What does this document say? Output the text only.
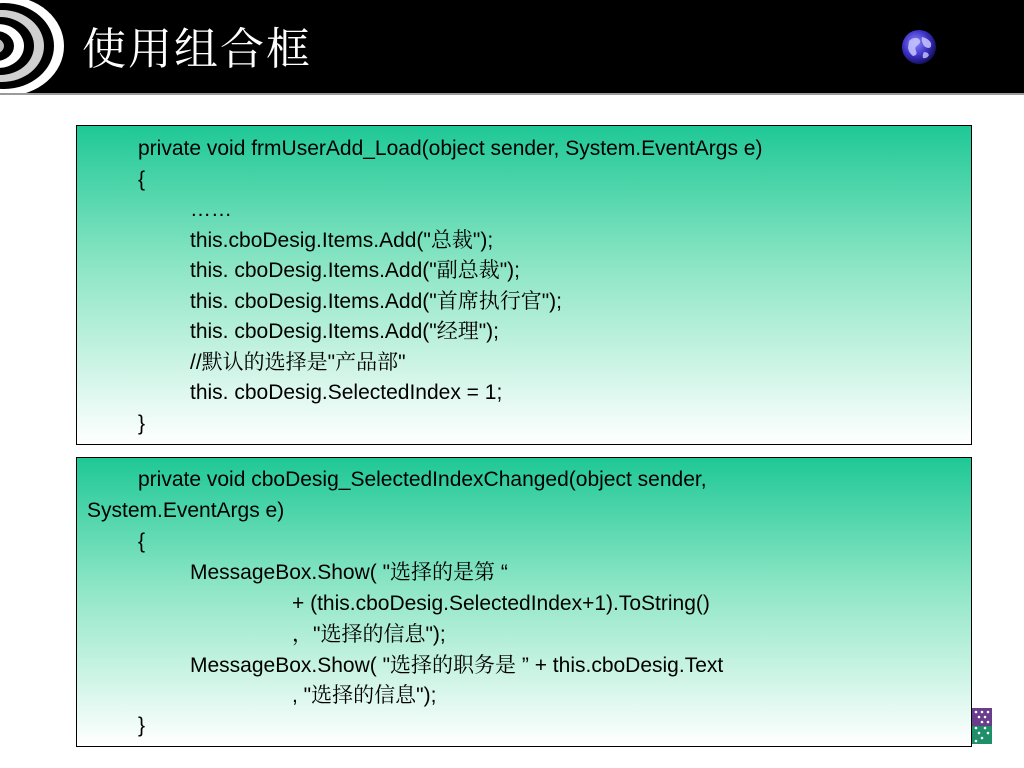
使用组合框
private void frmUserAdd_Load(object sender, System.EventArgs e)
{
……
this.cboDesig.Items.Add("总裁");
this. cboDesig.Items.Add("副总裁");
this. cboDesig.Items.Add("首席执行官");
this. cboDesig.Items.Add("经理");
//默认的选择是"产品部"
this. cboDesig.SelectedIndex = 1;
}
private void cboDesig_SelectedIndexChanged(object sender,
System.EventArgs e)
{
MessageBox.Show( "选择的是第 “
+ (this.cboDesig.SelectedIndex+1).ToString()
，"选择的信息");
MessageBox.Show( "选择的职务是 ” + this.cboDesig.Text
, "选择的信息");
}
